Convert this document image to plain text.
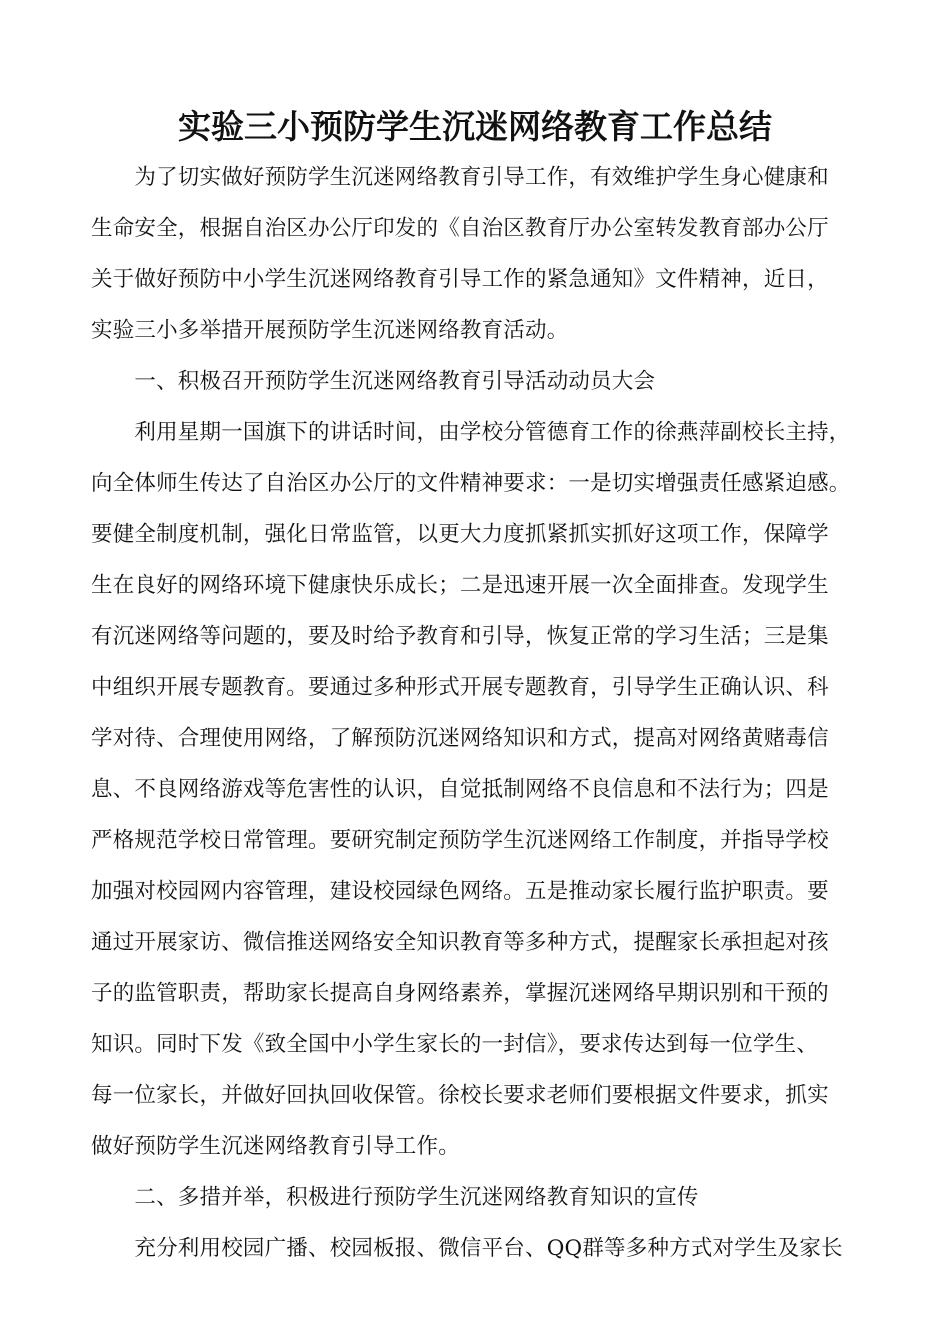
实验三小预防学生沉迷网络教育工作总结
　　为了切实做好预防学生沉迷网络教育引导工作，有效维护学生身心健康和
生命安全，根据自治区办公厅印发的《自治区教育厅办公室转发教育部办公厅
关于做好预防中小学生沉迷网络教育引导工作的紧急通知》文件精神，近日，
实验三小多举措开展预防学生沉迷网络教育活动。
　　一、积极召开预防学生沉迷网络教育引导活动动员大会
　　利用星期一国旗下的讲话时间，由学校分管德育工作的徐燕萍副校长主持，
向全体师生传达了自治区办公厅的文件精神要求：一是切实增强责任感紧迫感。
要健全制度机制，强化日常监管，以更大力度抓紧抓实抓好这项工作，保障学
生在良好的网络环境下健康快乐成长；二是迅速开展一次全面排查。发现学生
有沉迷网络等问题的，要及时给予教育和引导，恢复正常的学习生活；三是集
中组织开展专题教育。要通过多种形式开展专题教育，引导学生正确认识、科
学对待、合理使用网络，了解预防沉迷网络知识和方式，提高对网络黄赌毒信
息、不良网络游戏等危害性的认识，自觉抵制网络不良信息和不法行为；四是
严格规范学校日常管理。要研究制定预防学生沉迷网络工作制度，并指导学校
加强对校园网内容管理，建设校园绿色网络。五是推动家长履行监护职责。要
通过开展家访、微信推送网络安全知识教育等多种方式，提醒家长承担起对孩
子的监管职责，帮助家长提高自身网络素养，掌握沉迷网络早期识别和干预的
知识。同时下发《致全国中小学生家长的一封信》，要求传达到每一位学生、
每一位家长，并做好回执回收保管。徐校长要求老师们要根据文件要求，抓实
做好预防学生沉迷网络教育引导工作。
　　二、多措并举，积极进行预防学生沉迷网络教育知识的宣传
　　充分利用校园广播、校园板报、微信平台、QQ群等多种方式对学生及家长
